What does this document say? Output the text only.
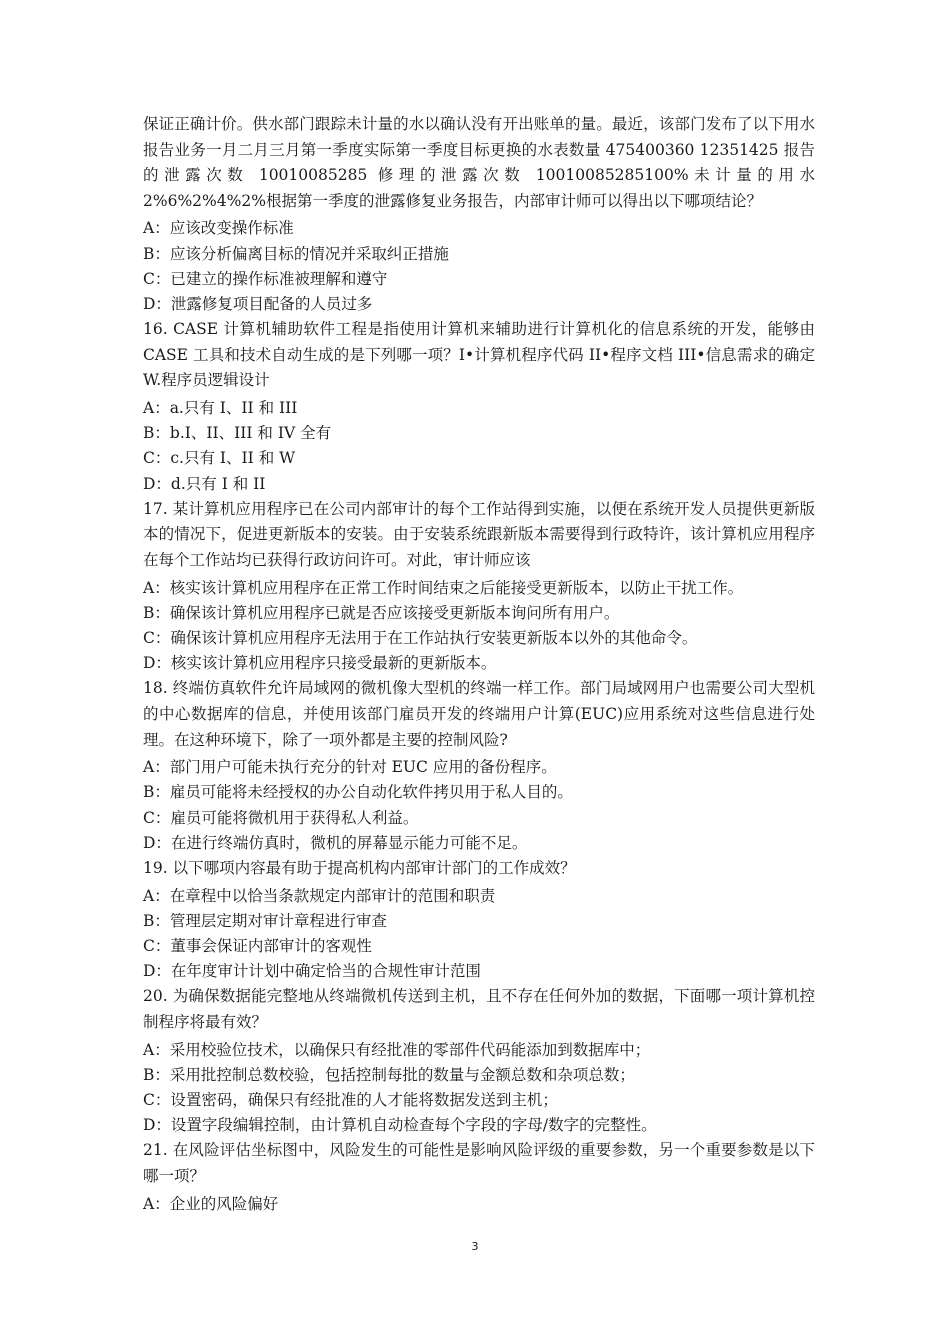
保证正确计价。供水部门跟踪未计量的水以确认没有开出账单的量。最近，该部门发布了以下用水报告业务一月二月三月第一季度实际第一季度目标更换的水表数量 475400360 12351425 报告的泄露次数 10010085285 修理的泄露次数 10010085285100%未计量的用水 2%6%2%4%2%根据第一季度的泄露修复业务报告，内部审计师可以得出以下哪项结论？

A：应该改变操作标准

B：应该分析偏离目标的情况并采取纠正措施

C：已建立的操作标准被理解和遵守

D：泄露修复项目配备的人员过多

16. CASE 计算机辅助软件工程是指使用计算机来辅助进行计算机化的信息系统的开发，能够由 CASE 工具和技术自动生成的是下列哪一项？I•计算机程序代码 II•程序文档 III•信息需求的确定 W.程序员逻辑设计

A：a.只有 I、II 和 III

B：b.I、II、III 和 IV 全有

C：c.只有 I、II 和 W

D：d.只有 I 和 II

17. 某计算机应用程序已在公司内部审计的每个工作站得到实施，以便在系统开发人员提供更新版本的情况下，促进更新版本的安装。由于安装系统跟新版本需要得到行政特许，该计算机应用程序在每个工作站均已获得行政访问许可。对此，审计师应该

A：核实该计算机应用程序在正常工作时间结束之后能接受更新版本，以防止干扰工作。

B：确保该计算机应用程序已就是否应该接受更新版本询问所有用户。

C：确保该计算机应用程序无法用于在工作站执行安装更新版本以外的其他命令。

D：核实该计算机应用程序只接受最新的更新版本。

18. 终端仿真软件允许局域网的微机像大型机的终端一样工作。部门局域网用户也需要公司大型机的中心数据库的信息，并使用该部门雇员开发的终端用户计算(EUC)应用系统对这些信息进行处理。在这种环境下，除了一项外都是主要的控制风险?

A：部门用户可能未执行充分的针对 EUC 应用的备份程序。

B：雇员可能将未经授权的办公自动化软件拷贝用于私人目的。

C：雇员可能将微机用于获得私人利益。

D：在进行终端仿真时，微机的屏幕显示能力可能不足。

19. 以下哪项内容最有助于提高机构内部审计部门的工作成效？

A：在章程中以恰当条款规定内部审计的范围和职责

B：管理层定期对审计章程进行审查

C：董事会保证内部审计的客观性

D：在年度审计计划中确定恰当的合规性审计范围

20. 为确保数据能完整地从终端微机传送到主机，且不存在任何外加的数据，下面哪一项计算机控制程序将最有效？

A：采用校验位技术，以确保只有经批准的零部件代码能添加到数据库中；

B：采用批控制总数校验，包括控制每批的数量与金额总数和杂项总数；

C：设置密码，确保只有经批准的人才能将数据发送到主机；

D：设置字段编辑控制，由计算机自动检查每个字段的字母/数字的完整性。

21. 在风险评估坐标图中，风险发生的可能性是影响风险评级的重要参数，另一个重要参数是以下哪一项？

A：企业的风险偏好

3
